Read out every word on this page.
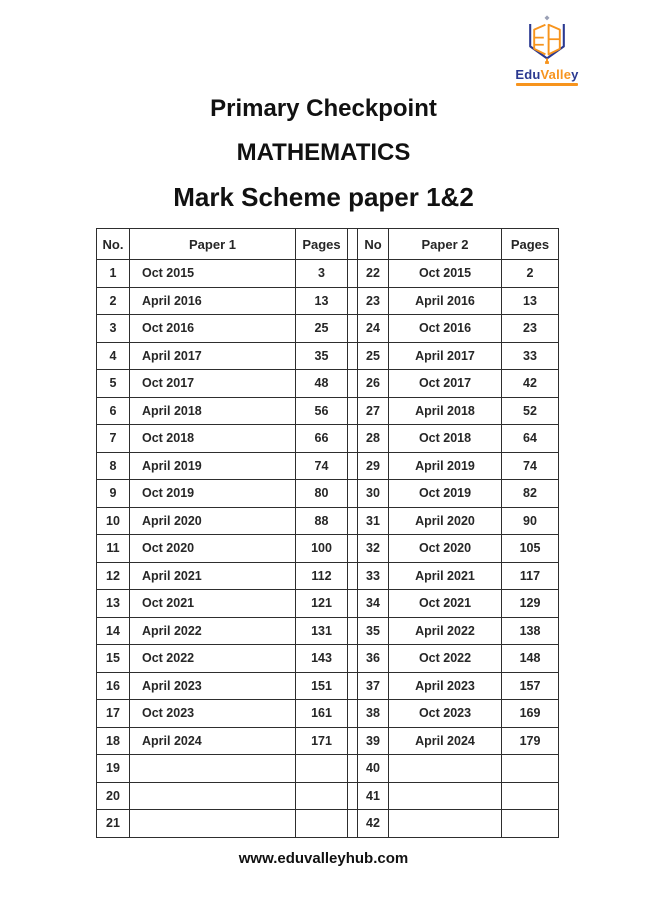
EduValley
Primary Checkpoint
MATHEMATICS
Mark Scheme paper 1&2
No.	Paper 1	Pages		No	Paper 2	Pages
1	Oct 2015	3		22	Oct 2015	2
2	April 2016	13		23	April 2016	13
3	Oct 2016	25		24	Oct 2016	23
4	April 2017	35		25	April 2017	33
5	Oct 2017	48		26	Oct 2017	42
6	April 2018	56		27	April 2018	52
7	Oct 2018	66		28	Oct 2018	64
8	April 2019	74		29	April 2019	74
9	Oct 2019	80		30	Oct 2019	82
10	April 2020	88		31	April 2020	90
11	Oct 2020	100		32	Oct 2020	105
12	April 2021	112		33	April 2021	117
13	Oct 2021	121		34	Oct 2021	129
14	April 2022	131		35	April 2022	138
15	Oct 2022	143		36	Oct 2022	148
16	April 2023	151		37	April 2023	157
17	Oct 2023	161		38	Oct 2023	169
18	April 2024	171		39	April 2024	179
19				40		
20				41		
21				42		
www.eduvalleyhub.com
